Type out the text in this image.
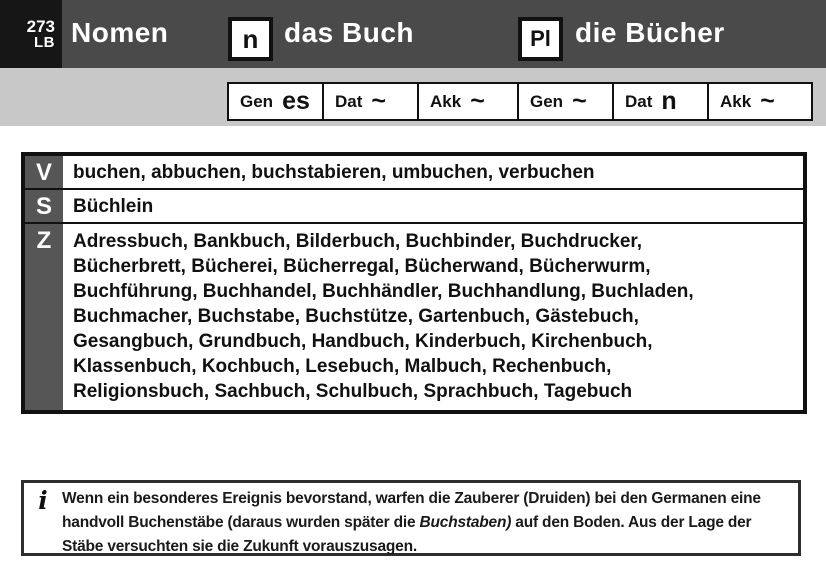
273
LB Nomen	n das Buch	Pl die Bücher
Gen es Dat ~	Akk ~	Gen ~ Dat n	Akk ~
V	buchen, abbuchen, buchstabieren, umbuchen, verbuchen
S	Büchlein
Z	Adressbuch, Bankbuch, Bilderbuch, Buchbinder, Buchdrucker,
Bücherbrett, Bücherei, Bücherregal, Bücherwand, Bücherwurm,
Buchführung, Buchhandel, Buchhändler, Buchhandlung, Buchladen,
Buchmacher, Buchstabe, Buchstütze, Gartenbuch, Gästebuch,
Gesangbuch, Grundbuch, Handbuch, Kinderbuch, Kirchenbuch,
Klassenbuch, Kochbuch, Lesebuch, Malbuch, Rechenbuch,
Religionsbuch, Sachbuch, Schulbuch, Sprachbuch, Tagebuch
i Wenn ein besonderes Ereignis bevorstand, warfen die Zauberer (Druiden) bei den Germanen eine handvoll Buchenstäbe (daraus wurden später die Buchstaben) auf den Boden. Aus der Lage der Stäbe versuchten sie die Zukunft vorauszusagen.
